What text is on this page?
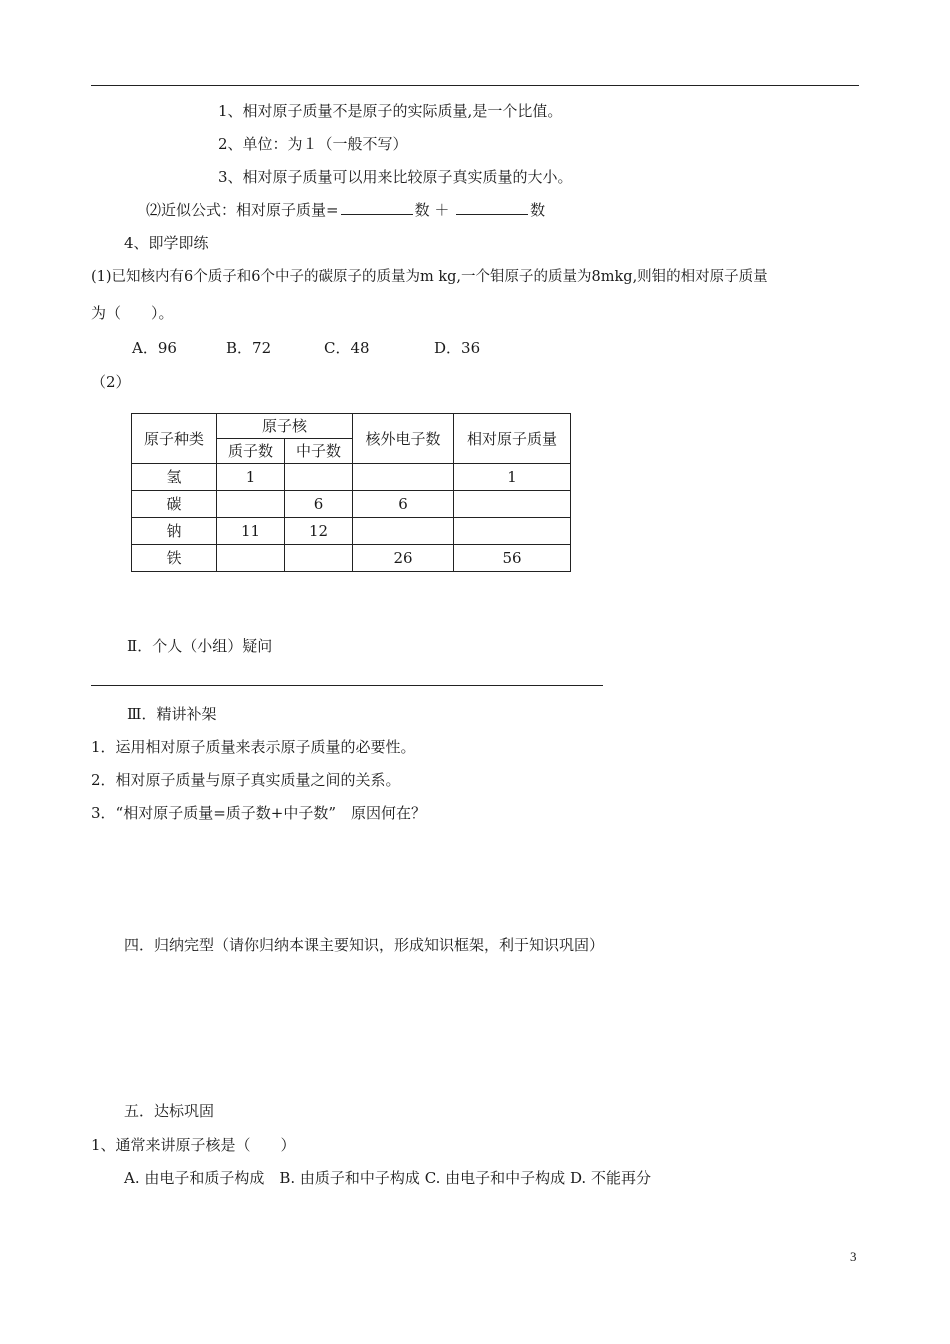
1、相对原子质量不是原子的实际质量,是一个比值。
2、单位：为１（一般不写）
3、相对原子质量可以用来比较原子真实质量的大小。
⑵近似公式：相对原子质量=	数 ＋	数
4、即学即练
(1)已知核内有6个质子和6个中子的碳原子的质量为m kg,一个钼原子的质量为8mkg,则钼的相对原子质量
为（　　）。
A．96	B．72	C．48	D．36
（2）
原子种类	原子核		核外电子数	相对原子质量
	质子数	中子数		
氢	1			1
碳		6	6	
钠	11	12		
铁			26	56
Ⅱ．个人（小组）疑问
Ⅲ．精讲补架
1．运用相对原子质量来表示原子质量的必要性。
2．相对原子质量与原子真实质量之间的关系。
3．“相对原子质量=质子数+中子数”　原因何在？
四．归纳完型（请你归纳本课主要知识，形成知识框架，利于知识巩固）
五．达标巩固
1、通常来讲原子核是（　　）
A. 由电子和质子构成　B. 由质子和中子构成 C. 由电子和中子构成 D. 不能再分
3
